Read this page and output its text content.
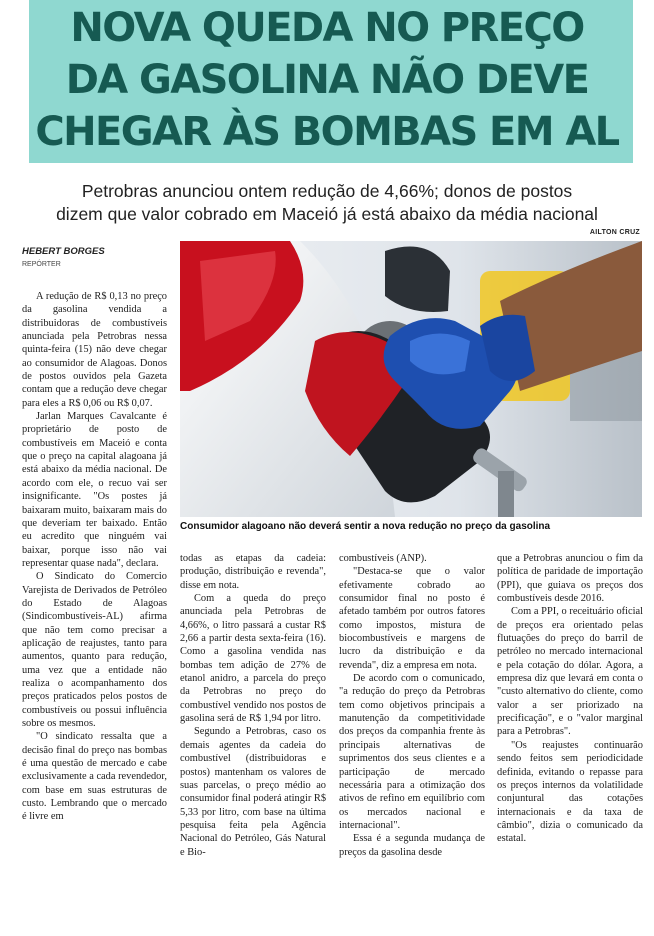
NOVA QUEDA NO PREÇO
DA GASOLINA NÃO DEVE
CHEGAR ÀS BOMBAS EM AL

Petrobras anunciou ontem redução de 4,66%; donos de postos
dizem que valor cobrado em Maceió já está abaixo da média nacional

AILTON CRUZ
HEBERT BORGES
REPÓRTER
Consumidor alagoano não deverá sentir a nova redução no preço da gasolina

A redução de R$ 0,13 no preço da gasolina vendida a distribuidoras de combustíveis anunciada pela Petrobras nessa quinta-feira (15) não deve chegar ao consumidor de Alagoas. Donos de postos ouvidos pela Gazeta contam que a redução deve chegar para eles a R$ 0,06 ou R$ 0,07.

Jarlan Marques Cavalcante é proprietário de posto de combustíveis em Maceió e conta que o preço na capital alagoana já está abaixo da média nacional. De acordo com ele, o recuo vai ser insignificante. "Os postes já baixaram muito, baixaram mais do que deveriam ter baixado. Então eu acredito que ninguém vai baixar, porque isso não vai representar quase nada", declara.

O Sindicato do Comercio Varejista de Derivados de Petróleo do Estado de Alagoas (Sindicombustíveis-AL) afirma que não tem como precisar a aplicação de reajustes, tanto para aumentos, quanto para redução, uma vez que a entidade não realiza o acompanhamento dos preços praticados pelos postos de combustíveis ou possui influência sobre os mesmos.

"O sindicato ressalta que a decisão final do preço nas bombas é uma questão de mercado e cabe exclusivamente a cada revendedor, com base em suas estruturas de custo. Lembrando que o mercado é livre em

todas as etapas da cadeia: produção, distribuição e revenda", disse em nota.

Com a queda do preço anunciada pela Petrobras de 4,66%, o litro passará a custar R$ 2,66 a partir desta sexta-feira (16). Como a gasolina vendida nas bombas tem adição de 27% de etanol anidro, a parcela do preço da Petrobras no preço do combustível vendido nos postos de gasolina será de R$ 1,94 por litro.

Segundo a Petrobras, caso os demais agentes da cadeia do combustível (distribuidoras e postos) mantenham os valores de suas parcelas, o preço médio ao consumidor final poderá atingir R$ 5,33 por litro, com base na última pesquisa feita pela Agência Nacional do Petróleo, Gás Natural e Bio-

combustíveis (ANP).

"Destaca-se que o valor efetivamente cobrado ao consumidor final no posto é afetado também por outros fatores como impostos, mistura de biocombustíveis e margens de lucro da distribuição e da revenda", diz a empresa em nota.

De acordo com o comunicado, "a redução do preço da Petrobras tem como objetivos principais a manutenção da competitividade dos preços da companhia frente às principais alternativas de suprimentos dos seus clientes e a participação de mercado necessária para a otimização dos ativos de refino em equilíbrio com os mercados nacional e internacional".

Essa é a segunda mudança de preços da gasolina desde

que a Petrobras anunciou o fim da política de paridade de importação (PPI), que guiava os preços dos combustíveis desde 2016.

Com a PPI, o receituário oficial de preços era orientado pelas flutuações do preço do barril de petróleo no mercado internacional e pela cotação do dólar. Agora, a empresa diz que levará em conta o "custo alternativo do cliente, como valor a ser priorizado na precificação", e o "valor marginal para a Petrobras".

"Os reajustes continuarão sendo feitos sem periodicidade definida, evitando o repasse para os preços internos da volatilidade conjuntural das cotações internacionais e da taxa de câmbio", dizia o comunicado da estatal.
